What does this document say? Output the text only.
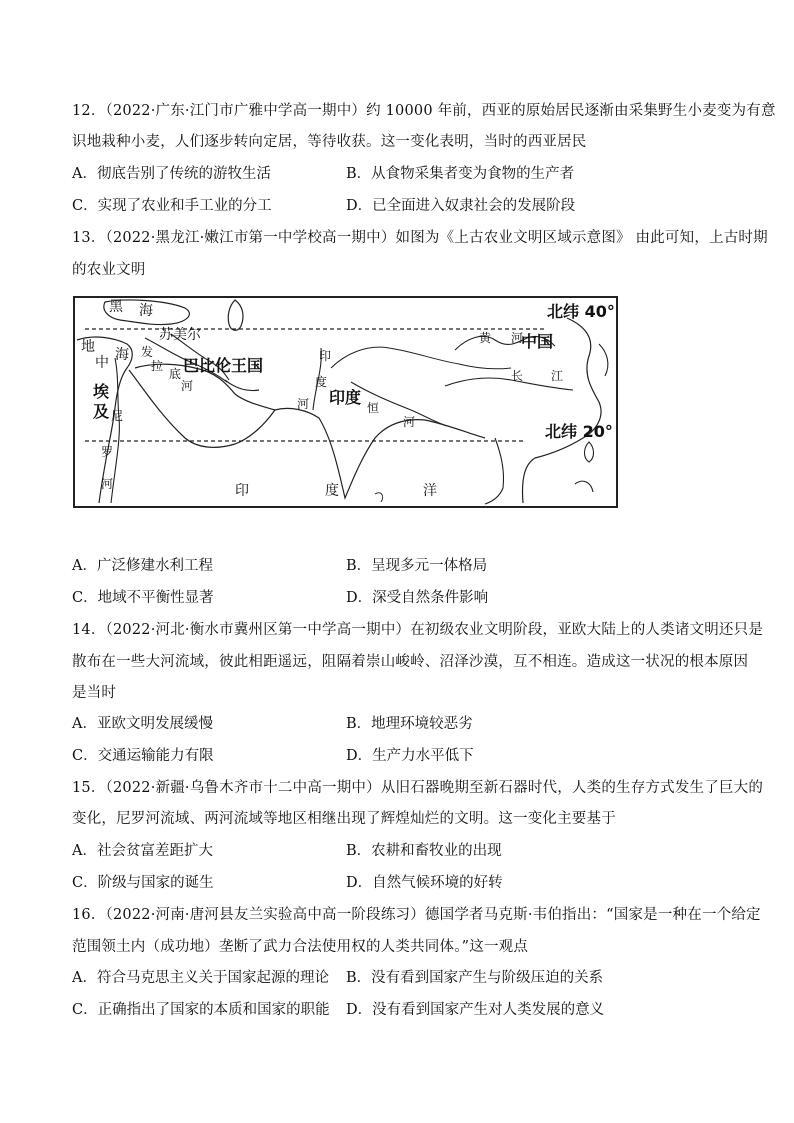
12．（2022·广东·江门市广雅中学高一期中）约 10000 年前，西亚的原始居民逐渐由采集野生小麦变为有意
识地栽种小麦，人们逐步转向定居，等待收获。这一变化表明，当时的西亚居民
A．彻底告别了传统的游牧生活	B．从食物采集者变为食物的生产者
C．实现了农业和手工业的分工	D．已全面进入奴隶社会的发展阶段
13．（2022·黑龙江·嫩江市第一中学校高一期中）如图为《上古农业文明区域示意图》 由此可知，上古时期
的农业文明
黑 海
地
中 海
苏美尔
发
拉
底
河
巴比伦王国
埃
及 尼
罗
河
印
度
河 印度
恒
河
黄 河
中国
长 江
北纬 40°
北纬 20°
印	度	洋
A．广泛修建水利工程	B．呈现多元一体格局
C．地域不平衡性显著	D．深受自然条件影响
14．（2022·河北·衡水市冀州区第一中学高一期中）在初级农业文明阶段，亚欧大陆上的人类诸文明还只是
散布在一些大河流域，彼此相距遥远，阻隔着崇山峻岭、沼泽沙漠，互不相连。造成这一状况的根本原因
是当时
A．亚欧文明发展缓慢	B．地理环境较恶劣
C．交通运输能力有限	D．生产力水平低下
15．（2022·新疆·乌鲁木齐市十二中高一期中）从旧石器晚期至新石器时代，人类的生存方式发生了巨大的
变化，尼罗河流域、两河流域等地区相继出现了辉煌灿烂的文明。这一变化主要基于
A．社会贫富差距扩大	B．农耕和畜牧业的出现
C．阶级与国家的诞生	D．自然气候环境的好转
16．（2022·河南·唐河县友兰实验高中高一阶段练习）德国学者马克斯·韦伯指出：“国家是一种在一个给定
范围领土内（成功地）垄断了武力合法使用权的人类共同体。”这一观点
A．符合马克思主义关于国家起源的理论 B．没有看到国家产生与阶级压迫的关系
C．正确指出了国家的本质和国家的职能 D．没有看到国家产生对人类发展的意义
